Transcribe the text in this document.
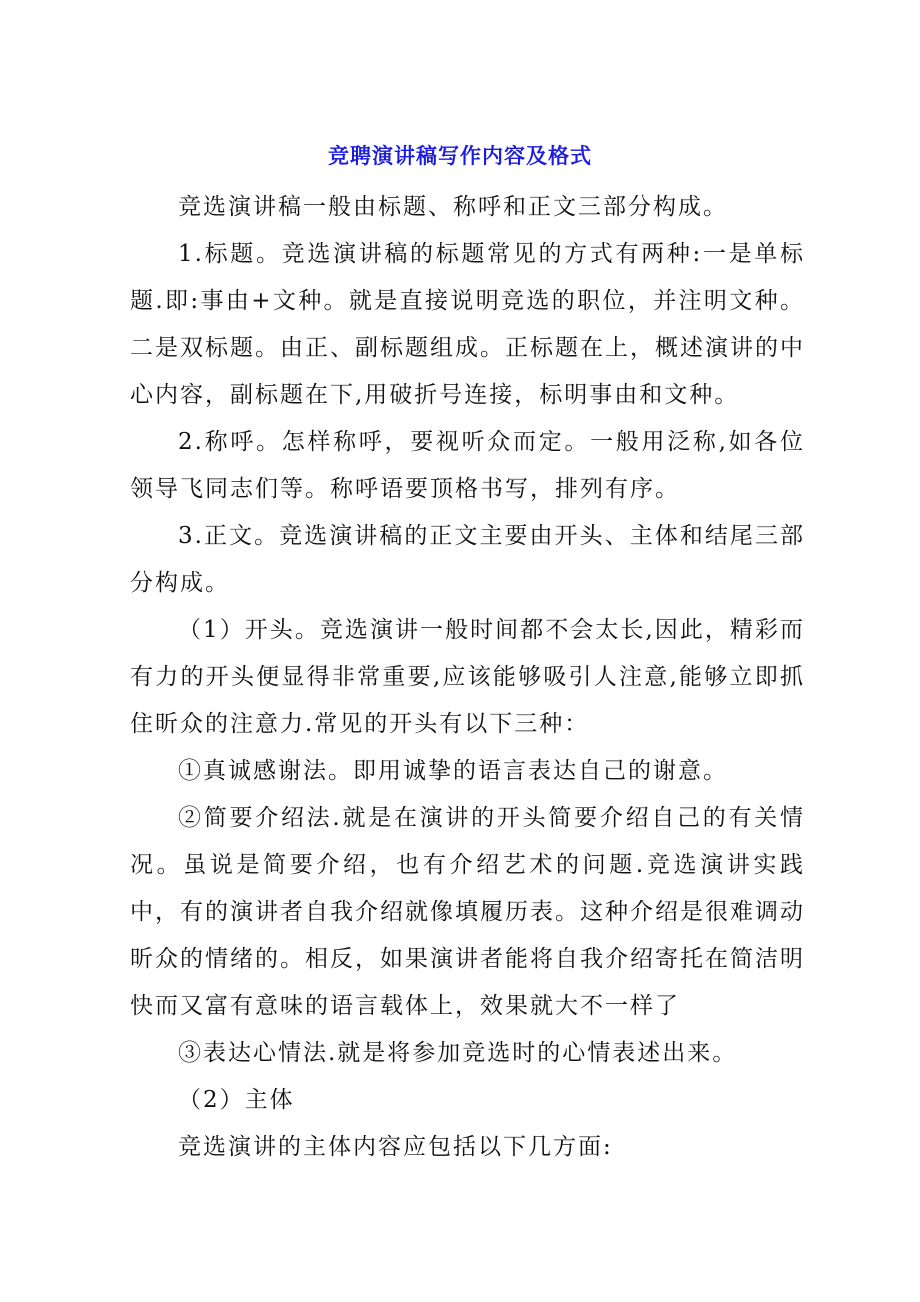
竞聘演讲稿写作内容及格式

竞选演讲稿一般由标题、称呼和正文三部分构成。

1.标题。竞选演讲稿的标题常见的方式有两种:一是单标题.即:事由+文种。就是直接说明竞选的职位，并注明文种。二是双标题。由正、副标题组成。正标题在上，概述演讲的中心内容，副标题在下,用破折号连接，标明事由和文种。

2.称呼。怎样称呼，要视听众而定。一般用泛称,如各位领导飞同志们等。称呼语要顶格书写，排列有序。

3.正文。竞选演讲稿的正文主要由开头、主体和结尾三部分构成。

（1）开头。竞选演讲一般时间都不会太长,因此，精彩而有力的开头便显得非常重要,应该能够吸引人注意,能够立即抓住昕众的注意力.常见的开头有以下三种：

①真诚感谢法。即用诚挚的语言表达自己的谢意。

②简要介绍法.就是在演讲的开头简要介绍自己的有关情况。虽说是简要介绍，也有介绍艺术的问题.竞选演讲实践中，有的演讲者自我介绍就像填履历表。这种介绍是很难调动昕众的情绪的。相反，如果演讲者能将自我介绍寄托在简洁明快而又富有意味的语言载体上，效果就大不一样了

③表达心情法.就是将参加竞选时的心情表述出来。

（2）主体

竞选演讲的主体内容应包括以下几方面:
